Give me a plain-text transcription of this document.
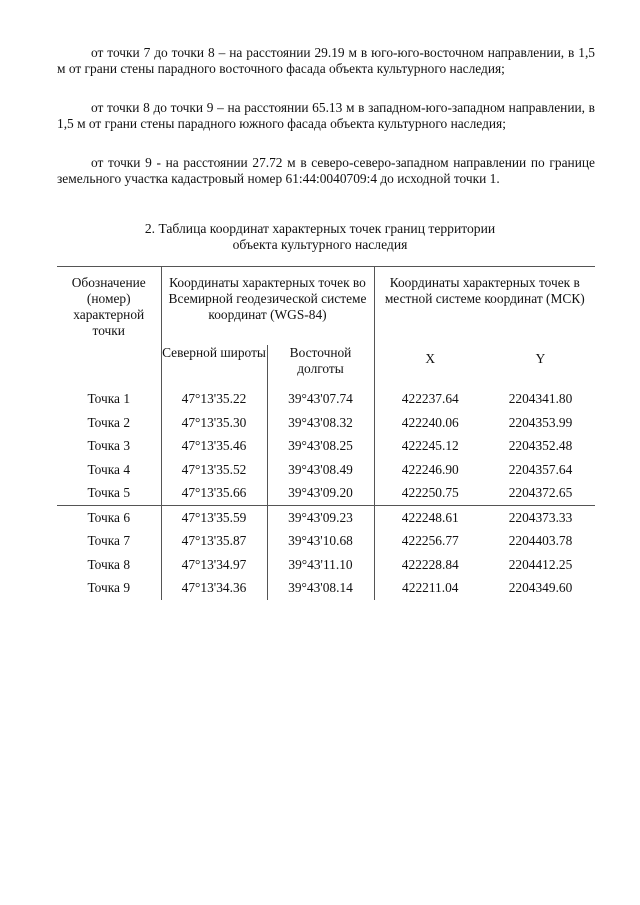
от точки 7 до точки 8 – на расстоянии 29.19 м в юго-юго-восточном направлении, в 1,5 м от грани стены парадного восточного фасада объекта культурного наследия;

от точки 8 до точки 9 – на расстоянии 65.13 м в западном-юго-западном направлении, в 1,5 м от грани стены парадного южного фасада объекта культурного наследия;

от точки 9 - на расстоянии 27.72 м в северо-северо-западном направлении по границе земельного участка кадастровый номер 61:44:0040709:4 до исходной точки 1.

2. Таблица координат характерных точек границ территории
объекта культурного наследия
Обозначение (номер) характерной точки	Координаты характерных точек во Всемирной геодезической системе координат (WGS-84)		Координаты характерных точек в местной системе координат (МСК)	
	Северной широты	Восточной долготы	X	Y
Точка 1	47°13'35.22	39°43'07.74	422237.64	2204341.80
Точка 2	47°13'35.30	39°43'08.32	422240.06	2204353.99
Точка 3	47°13'35.46	39°43'08.25	422245.12	2204352.48
Точка 4	47°13'35.52	39°43'08.49	422246.90	2204357.64
Точка 5	47°13'35.66	39°43'09.20	422250.75	2204372.65
Точка 6	47°13'35.59	39°43'09.23	422248.61	2204373.33
Точка 7	47°13'35.87	39°43'10.68	422256.77	2204403.78
Точка 8	47°13'34.97	39°43'11.10	422228.84	2204412.25
Точка 9	47°13'34.36	39°43'08.14	422211.04	2204349.60
